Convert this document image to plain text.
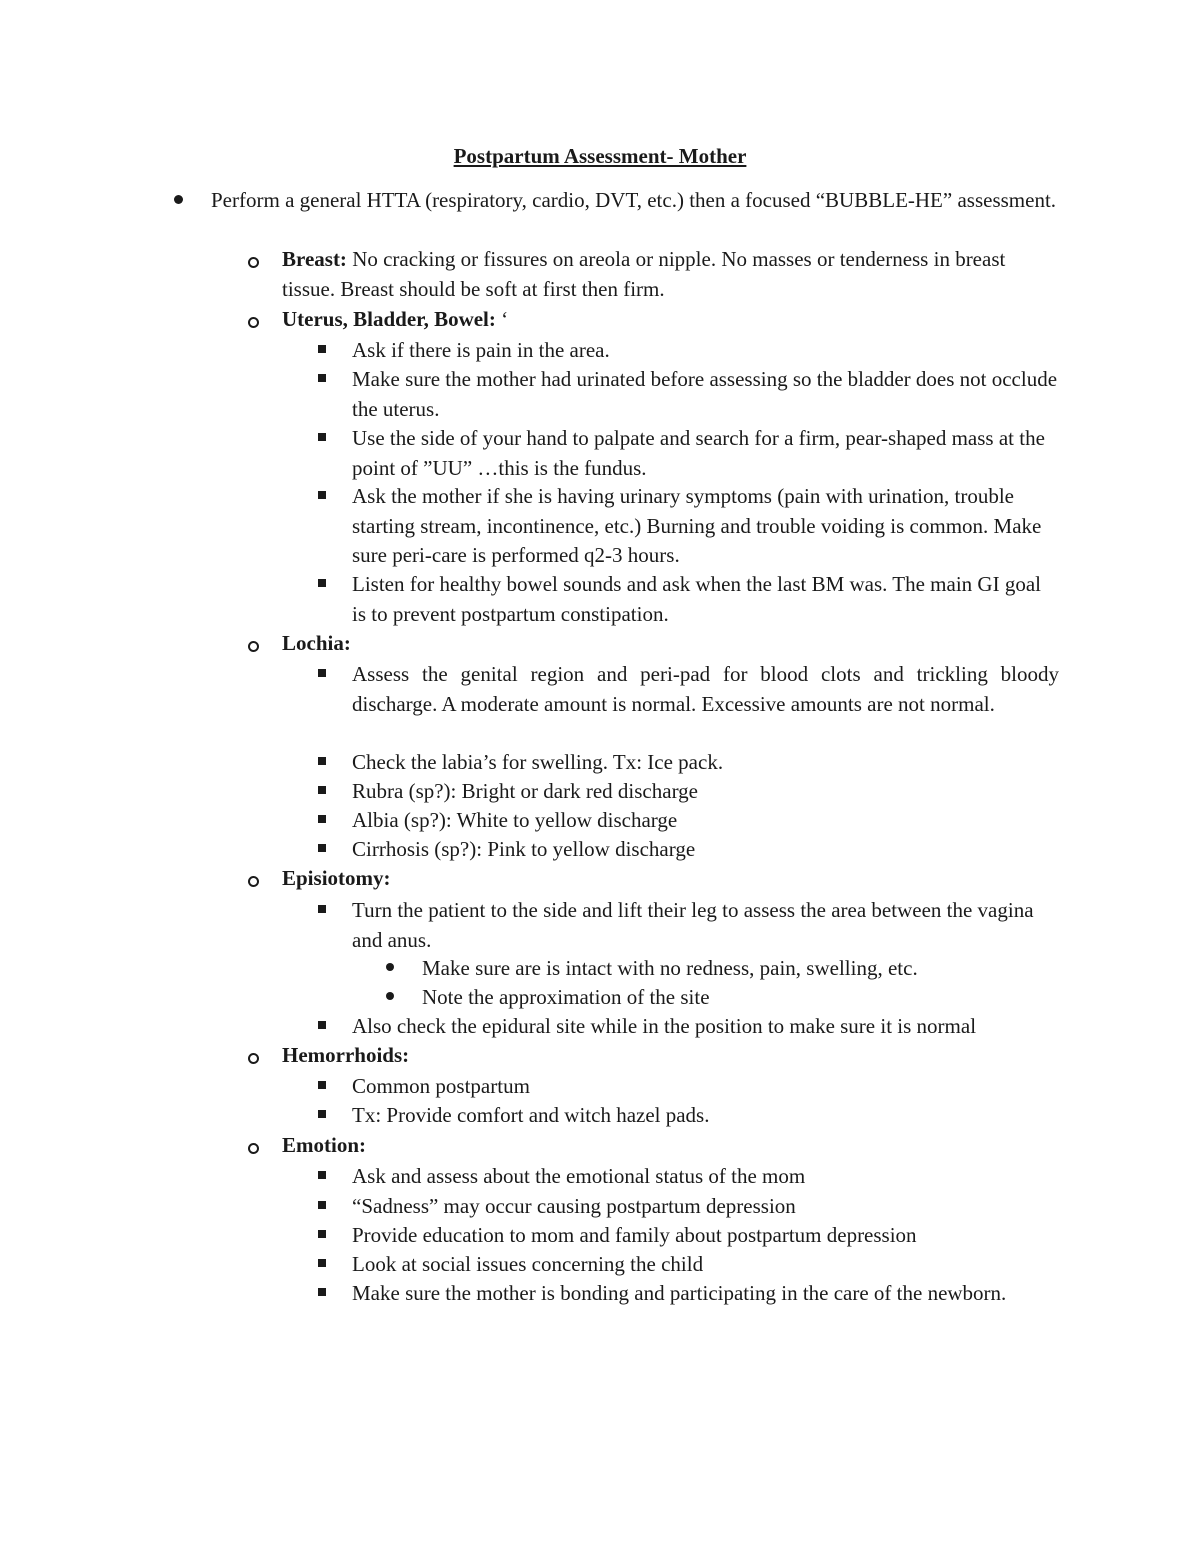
Postpartum Assessment- Mother
Perform a general HTTA (respiratory, cardio, DVT, etc.) then a focused “BUBBLE-HE” assessment.
Breast: No cracking or fissures on areola or nipple. No masses or tenderness in breast tissue. Breast should be soft at first then firm.
Uterus, Bladder, Bowel: ‘
Ask if there is pain in the area.
Make sure the mother had urinated before assessing so the bladder does not occlude the uterus.
Use the side of your hand to palpate and search for a firm, pear-shaped mass at the point of ”UU” …this is the fundus.
Ask the mother if she is having urinary symptoms (pain with urination, trouble starting stream, incontinence, etc.) Burning and trouble voiding is common. Make sure peri-care is performed q2-3 hours.
Listen for healthy bowel sounds and ask when the last BM was. The main GI goal is to prevent postpartum constipation.
Lochia:
Assess the genital region and peri-pad for blood clots and trickling bloody discharge. A moderate amount is normal. Excessive amounts are not normal.
Check the labia’s for swelling. Tx: Ice pack.
Rubra (sp?): Bright or dark red discharge
Albia (sp?): White to yellow discharge
Cirrhosis (sp?): Pink to yellow discharge
Episiotomy:
Turn the patient to the side and lift their leg to assess the area between the vagina and anus.
Make sure are is intact with no redness, pain, swelling, etc.
Note the approximation of the site
Also check the epidural site while in the position to make sure it is normal
Hemorrhoids:
Common postpartum
Tx: Provide comfort and witch hazel pads.
Emotion:
Ask and assess about the emotional status of the mom
“Sadness” may occur causing postpartum depression
Provide education to mom and family about postpartum depression
Look at social issues concerning the child
Make sure the mother is bonding and participating in the care of the newborn.
